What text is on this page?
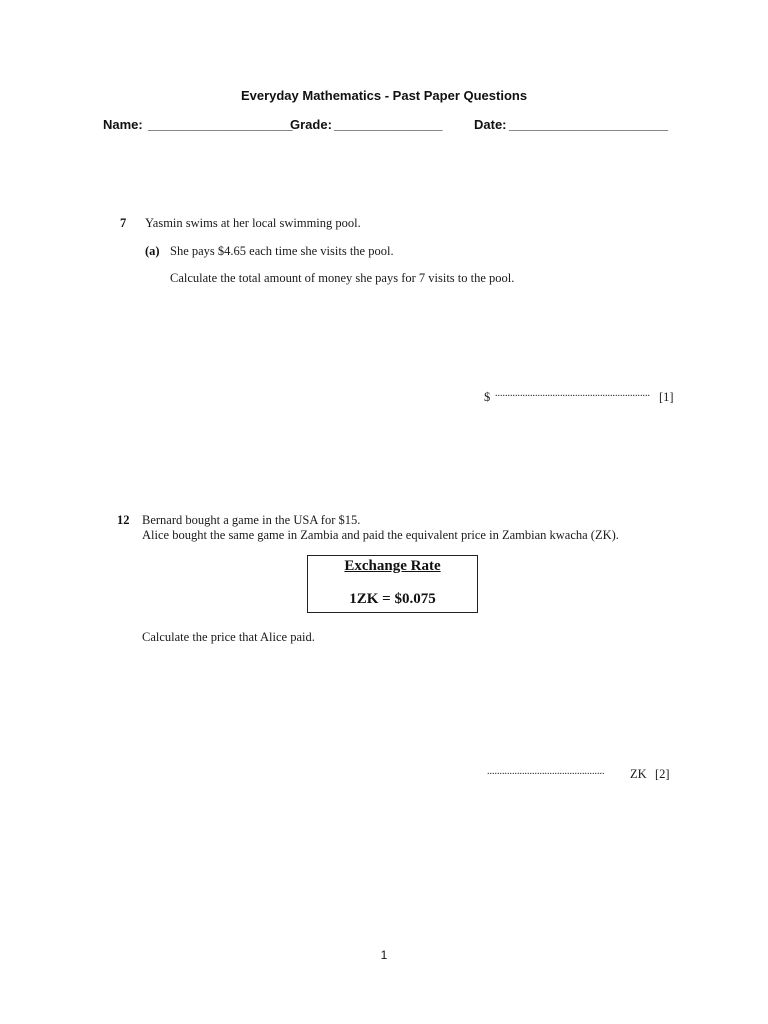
Everyday Mathematics - Past Paper Questions
Name: ____________________
Grade: _______________ Date: ______________________
7 Yasmin swims at her local swimming pool.
(a) She pays $4.65 each time she visits the pool.
Calculate the total amount of money she pays for 7 visits to the pool.
$ .............................................................. [1]
12 Bernard bought a game in the USA for $15.
Alice bought the same game in Zambia and paid the equivalent price in Zambian kwacha (ZK).
Exchange Rate
1ZK = $0.075
Calculate the price that Alice paid.
............................................... ZK [2]
1
